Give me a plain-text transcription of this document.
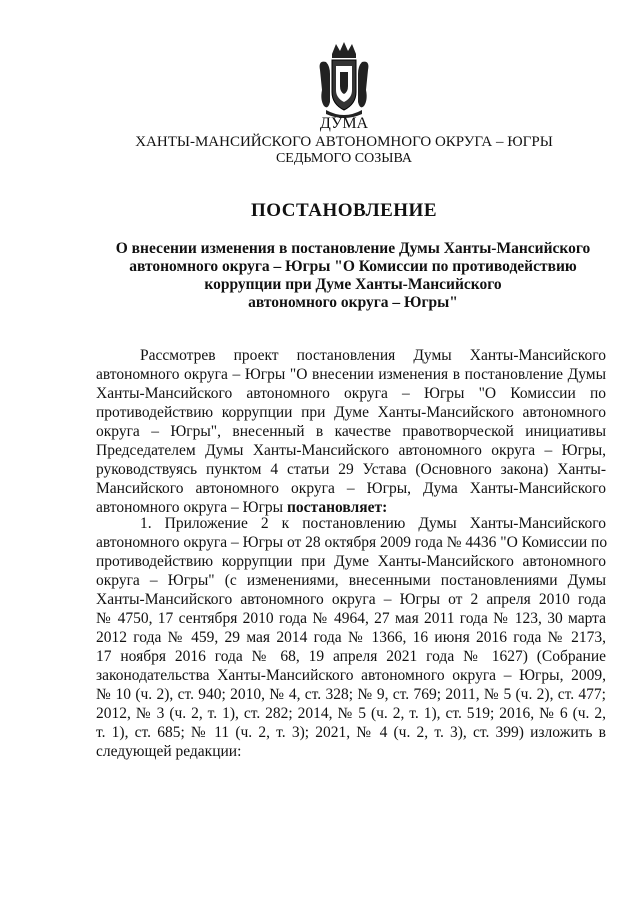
ДУМА
ХАНТЫ-МАНСИЙСКОГО АВТОНОМНОГО ОКРУГА – ЮГРЫ
СЕДЬМОГО СОЗЫВА
ПОСТАНОВЛЕНИЕ
О внесении изменения в постановление Думы Ханты-Мансийского
автономного округа – Югры "О Комиссии по противодействию
коррупции при Думе Ханты-Мансийского
автономного округа – Югры"
Рассмотрев проект постановления Думы Ханты-Мансийского
автономного округа – Югры "О внесении изменения в постановление Думы
Ханты-Мансийского автономного округа – Югры "О Комиссии по
противодействию коррупции при Думе Ханты-Мансийского автономного
округа – Югры", внесенный в качестве правотворческой инициативы
Председателем Думы Ханты-Мансийского автономного округа – Югры,
руководствуясь пунктом 4 статьи 29 Устава (Основного закона) Ханты-
Мансийского автономного округа – Югры, Дума Ханты-Мансийского
автономного округа – Югры постановляет:
1. Приложение 2 к постановлению Думы Ханты-Мансийского
автономного округа – Югры от 28 октября 2009 года № 4436 "О Комиссии по
противодействию коррупции при Думе Ханты-Мансийского автономного
округа – Югры" (с изменениями, внесенными постановлениями Думы
Ханты-Мансийского автономного округа – Югры от 2 апреля 2010 года
№ 4750, 17 сентября 2010 года № 4964, 27 мая 2011 года № 123, 30 марта
2012 года № 459, 29 мая 2014 года № 1366, 16 июня 2016 года № 2173,
17 ноября 2016 года № 68, 19 апреля 2021 года № 1627) (Собрание
законодательства Ханты-Мансийского автономного округа – Югры, 2009,
№ 10 (ч. 2), ст. 940; 2010, № 4, ст. 328; № 9, ст. 769; 2011, № 5 (ч. 2), ст. 477;
2012, № 3 (ч. 2, т. 1), ст. 282; 2014, № 5 (ч. 2, т. 1), ст. 519; 2016, № 6 (ч. 2,
т. 1), ст. 685; № 11 (ч. 2, т. 3); 2021, № 4 (ч. 2, т. 3), ст. 399) изложить в
следующей редакции:
